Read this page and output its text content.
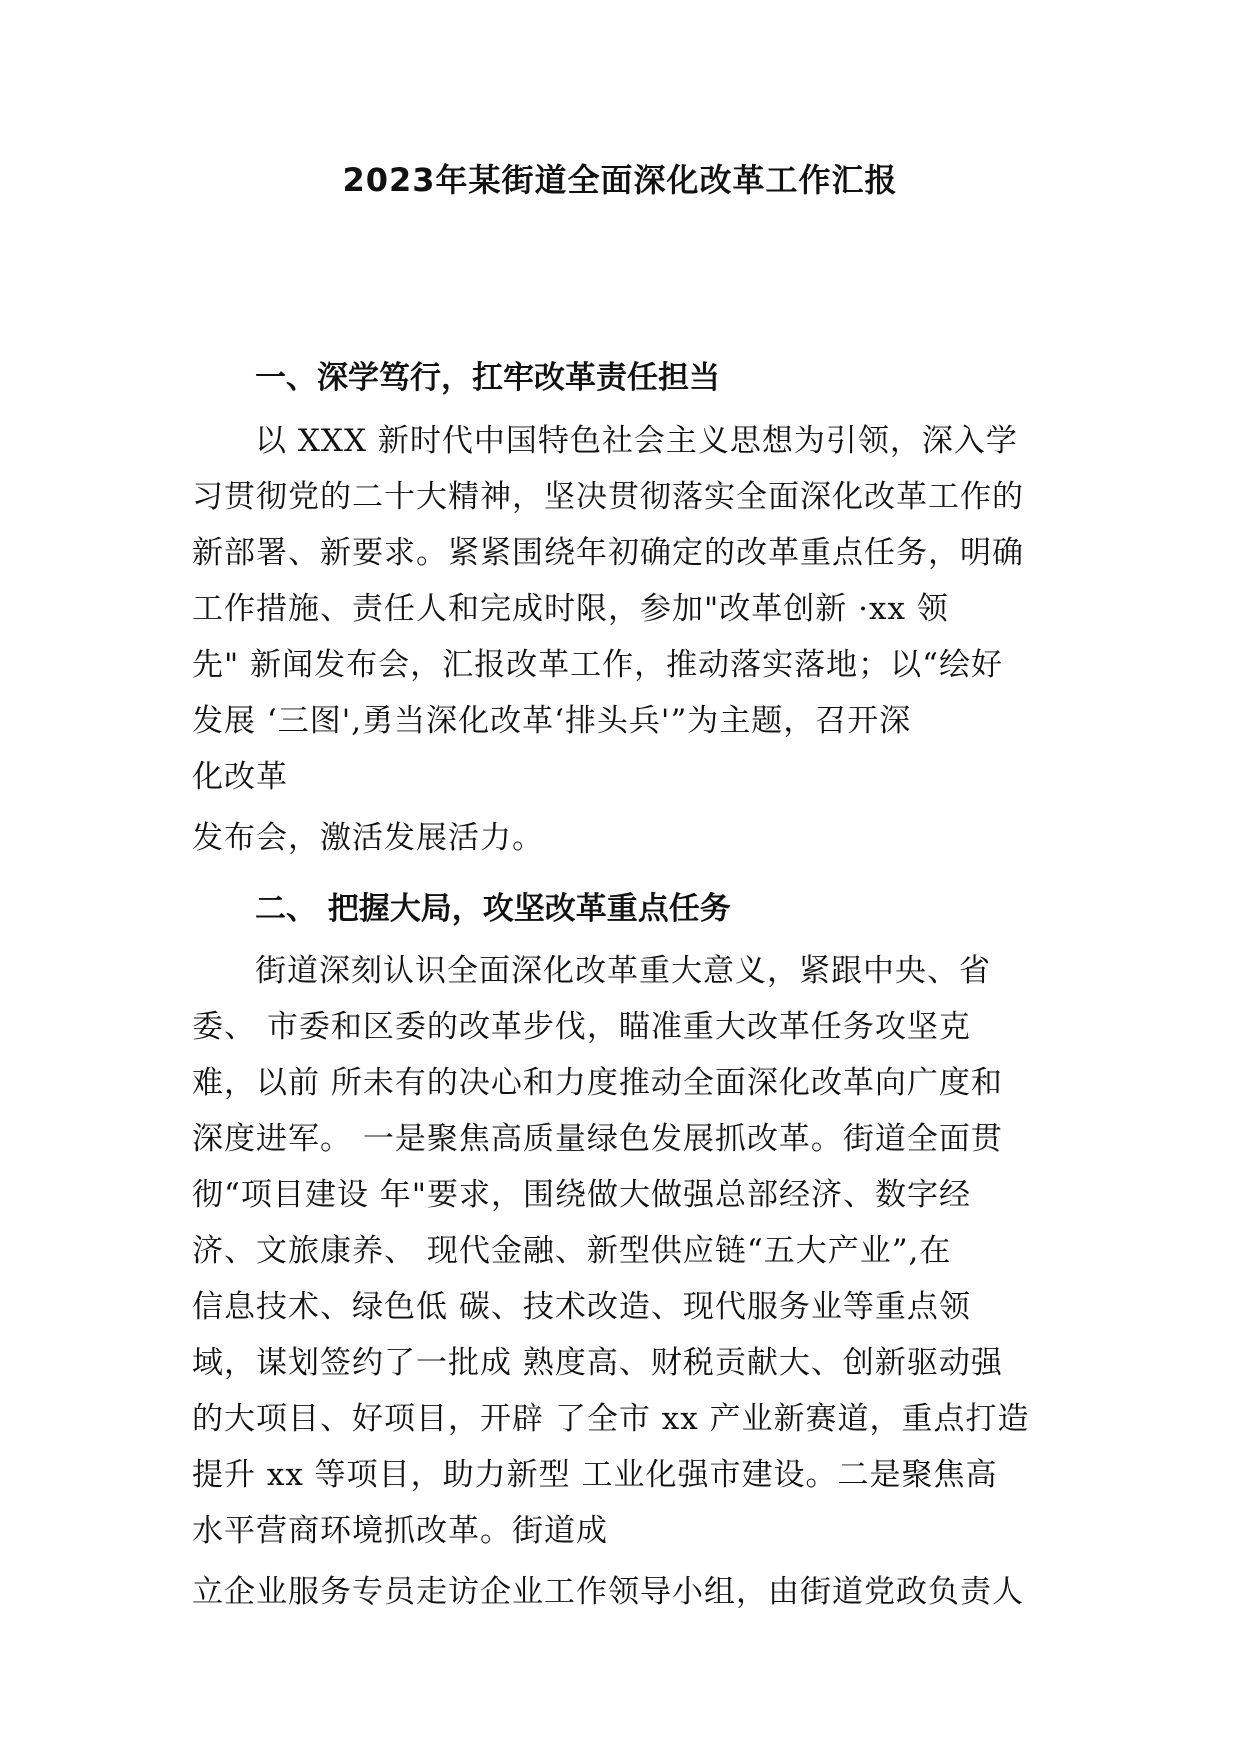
2023年某街道全面深化改革工作汇报
一、深学笃行，扛牢改革责任担当
以 XXX 新时代中国特色社会主义思想为引领，深入学
习贯彻党的二十大精神，坚决贯彻落实全面深化改革工作的
新部署、新要求。紧紧围绕年初确定的改革重点任务，明确
工作措施、责任人和完成时限，参加"改革创新 ·xx 领
先" 新闻发布会，汇报改革工作，推动落实落地；以“绘好
发展 ‘三图',勇当深化改革‘排头兵'”为主题，召开深
化改革
发布会，激活发展活力。
二、 把握大局，攻坚改革重点任务
街道深刻认识全面深化改革重大意义，紧跟中央、省
委、 市委和区委的改革步伐，瞄准重大改革任务攻坚克
难，以前 所未有的决心和力度推动全面深化改革向广度和
深度进军。 一是聚焦高质量绿色发展抓改革。街道全面贯
彻“项目建设 年"要求，围绕做大做强总部经济、数字经
济、文旅康养、 现代金融、新型供应链“五大产业”,在
信息技术、绿色低 碳、技术改造、现代服务业等重点领
域，谋划签约了一批成 熟度高、财税贡献大、创新驱动强
的大项目、好项目，开辟 了全市 xx 产业新赛道，重点打造
提升 xx 等项目，助力新型 工业化强市建设。二是聚焦高
水平营商环境抓改革。街道成
立企业服务专员走访企业工作领导小组，由街道党政负责人
